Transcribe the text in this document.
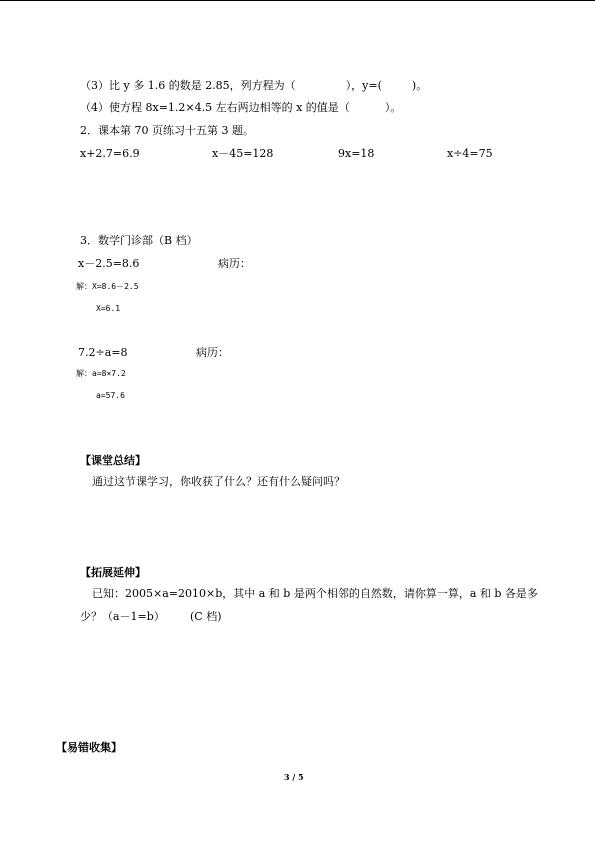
（3）比 y 多 1.6 的数是 2.85，列方程为（	），y=(	)。
（4）使方程 8x=1.2×4.5 左右两边相等的 x 的值是（	）。
2．课本第 70 页练习十五第 3 题。
x+2.7=6.9	x－45=128	9x=18	x÷4=75
3．数学门诊部（B 档）
x－2.5=8.6	病历：
解：X=8.6－2.5
X=6.1
7.2÷a=8	病历：
解：a=8×7.2
a=57.6
【课堂总结】
通过这节课学习，你收获了什么？还有什么疑问吗？
【拓展延伸】
已知：2005×a=2010×b，其中 a 和 b 是两个相邻的自然数，请你算一算，a 和 b 各是多
少？（a－1=b） (C 档)
【易错收集】
3 / 5
